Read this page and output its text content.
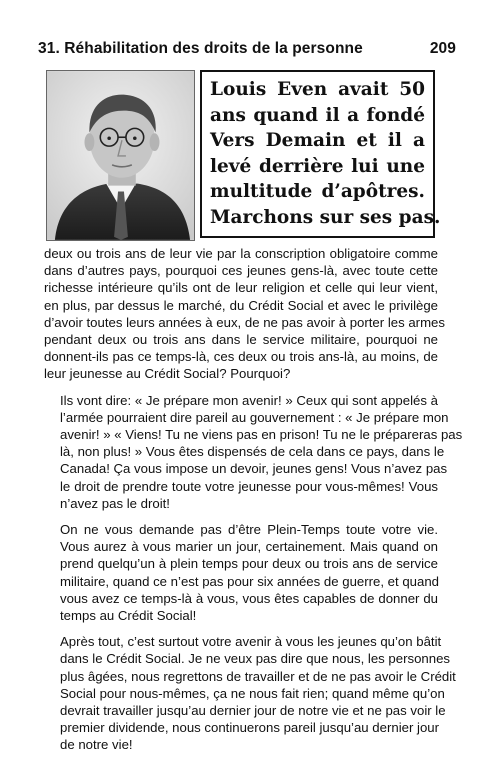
31. Réhabilitation des droits de la personne	209
Louis Even avait 50
ans quand il a fondé
Vers Demain et il a
levé derrière lui une
multitude d’apôtres.
Marchons sur ses pas.

deux ou trois ans de leur vie par la conscription obligatoire comme
dans d’autres pays, pourquoi ces jeunes gens-là, avec toute cette
richesse intérieure qu’ils ont de leur religion et celle qui leur vient,
en plus, par dessus le marché, du Crédit Social et avec le privilège
d’avoir toutes leurs années à eux, de ne pas avoir à porter les armes
pendant deux ou trois ans dans le service militaire, pourquoi ne
donnent-ils pas ce temps-là, ces deux ou trois ans-là, au moins, de
leur jeunesse au Crédit Social? Pourquoi?

Ils vont dire: « Je prépare mon avenir! » Ceux qui sont appelés à
l’armée pourraient dire pareil au gouvernement : « Je prépare mon
avenir! » « Viens! Tu ne viens pas en prison! Tu ne le prépareras pas
là, non plus! » Vous êtes dispensés de cela dans ce pays, dans le
Canada! Ça vous impose un devoir, jeunes gens! Vous n’avez pas
le droit de prendre toute votre jeunesse pour vous-mêmes! Vous
n’avez pas le droit!

On ne vous demande pas d’être Plein-Temps toute votre vie.
Vous aurez à vous marier un jour, certainement. Mais quand on
prend quelqu’un à plein temps pour deux ou trois ans de service
militaire, quand ce n’est pas pour six années de guerre, et quand
vous avez ce temps-là à vous, vous êtes capables de donner du
temps au Crédit Social!

Après tout, c’est surtout votre avenir à vous les jeunes qu’on bâtit
dans le Crédit Social. Je ne veux pas dire que nous, les personnes
plus âgées, nous regrettons de travailler et de ne pas avoir le Crédit
Social pour nous-mêmes, ça ne nous fait rien; quand même qu’on
devrait travailler jusqu’au dernier jour de notre vie et ne pas voir le
premier dividende, nous continuerons pareil jusqu’au dernier jour
de notre vie!
